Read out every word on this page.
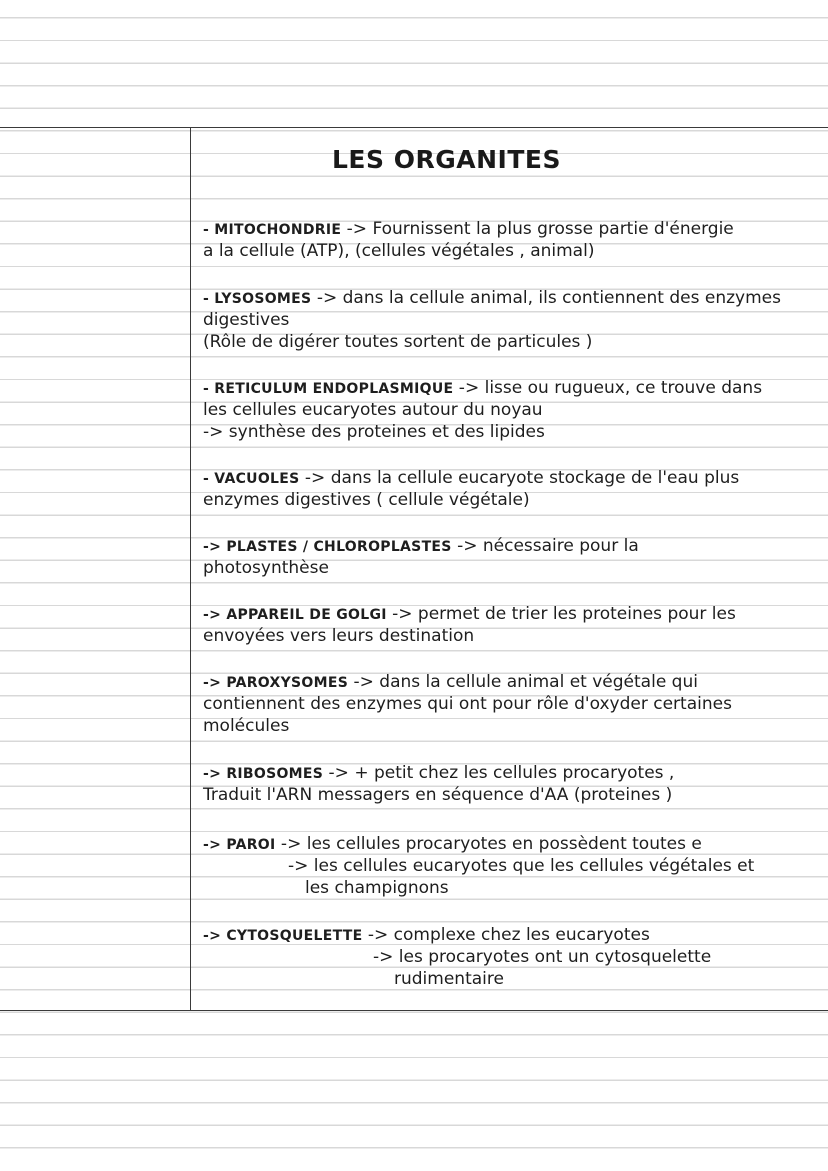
LES ORGANITES
- MITOCHONDRIE -> Fournissent la plus grosse partie d'énergie
a la cellule (ATP), (cellules végétales , animal)
- LYSOSOMES -> dans la cellule animal, ils contiennent des enzymes
digestives
(Rôle de digérer toutes sortent de particules )
- RETICULUM ENDOPLASMIQUE -> lisse ou rugueux, ce trouve dans
les cellules eucaryotes autour du noyau
-> synthèse des proteines et des lipides
- VACUOLES -> dans la cellule eucaryote stockage de l'eau plus
enzymes digestives ( cellule végétale)
-> PLASTES / CHLOROPLASTES -> nécessaire pour la
photosynthèse
-> APPAREIL DE GOLGI -> permet de trier les proteines pour les
envoyées vers leurs destination
-> PAROXYSOMES -> dans la cellule animal et végétale qui
contiennent des enzymes qui ont pour rôle d'oxyder certaines
molécules
-> RIBOSOMES -> + petit chez les cellules procaryotes ,
Traduit l'ARN messagers en séquence d'AA (proteines )
-> PAROI -> les cellules procaryotes en possèdent toutes e
-> les cellules eucaryotes que les cellules végétales et
les champignons
-> CYTOSQUELETTE -> complexe chez les eucaryotes
-> les procaryotes ont un cytosquelette
rudimentaire
